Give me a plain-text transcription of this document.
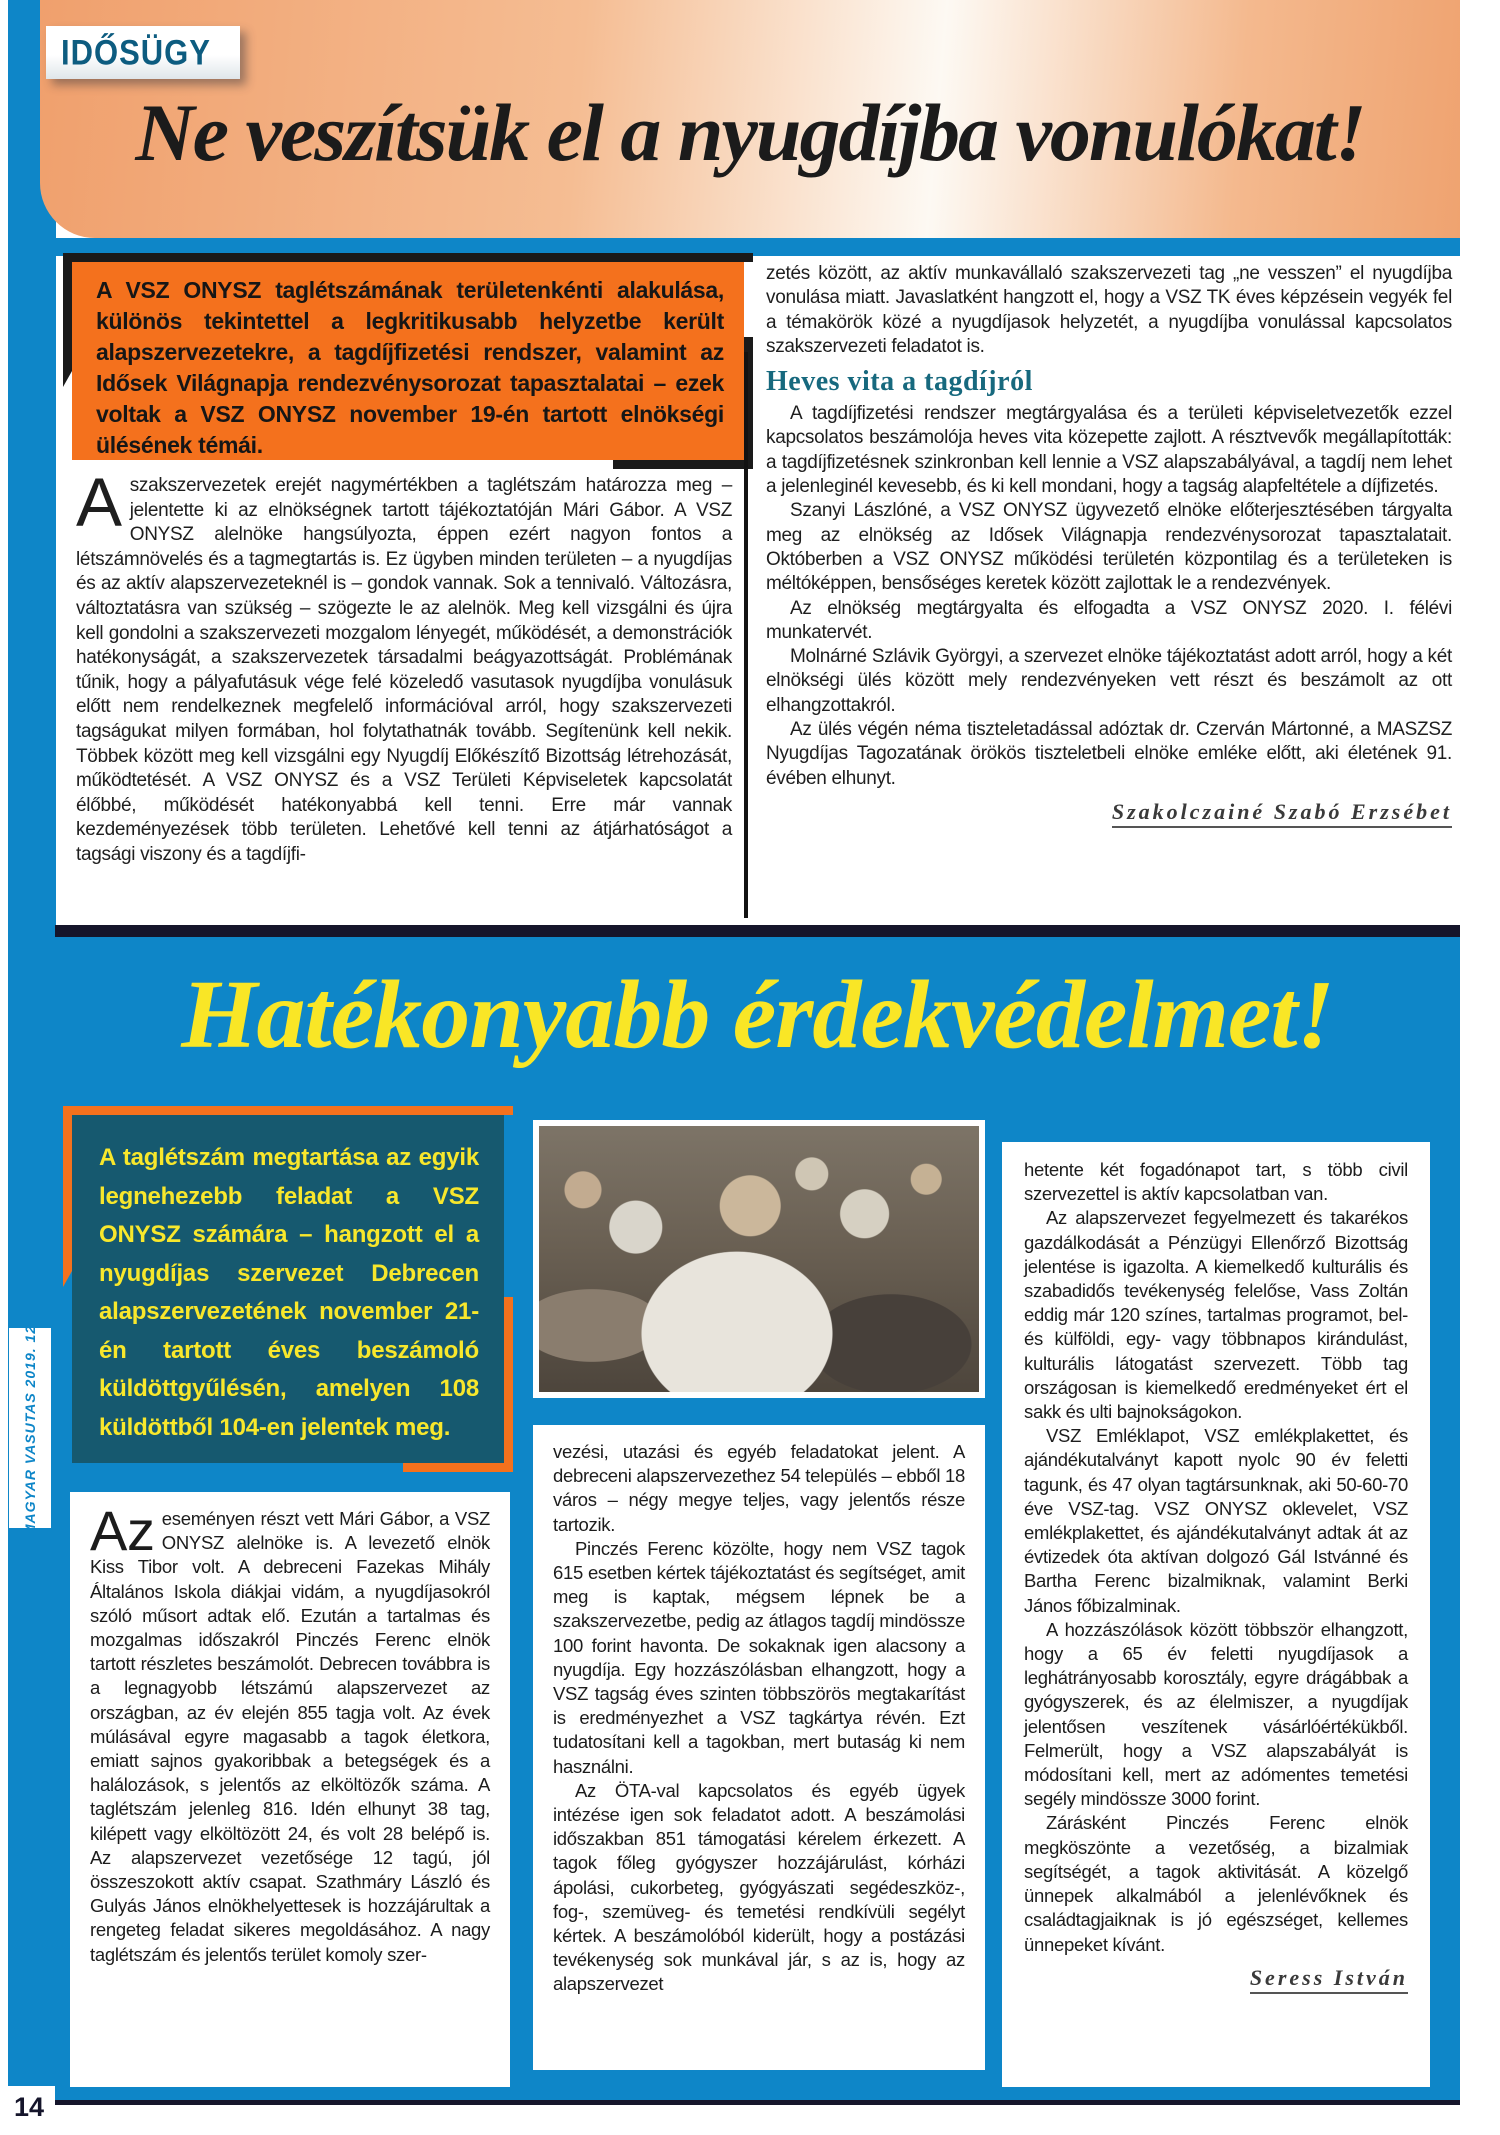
Ne veszítsük el a nyugdíjba vonulókat!
IDŐSÜGY
A VSZ ONYSZ taglétszámának területenkénti alakulása, különös tekintettel a legkritikusabb helyzetbe került alapszervezetekre, a tagdíjfizetési rendszer, valamint az Idősek Világnapja rendezvénysorozat tapasztalatai – ezek voltak a VSZ ONYSZ november 19-én tartott elnökségi ülésének témái.
Aszakszervezetek erejét nagymértékben a taglétszám határozza meg – jelentette ki az elnökségnek tartott tájékoztatóján Mári Gábor. A VSZ ONYSZ alelnöke hangsúlyozta, éppen ezért nagyon fontos a létszámnövelés és a tagmegtartás is. Ez ügyben minden területen – a nyugdíjas és az aktív alapszervezeteknél is – gondok vannak. Sok a tennivaló. Változásra, változtatásra van szükség – szögezte le az alelnök. Meg kell vizsgálni és újra kell gondolni a szakszervezeti mozgalom lényegét, működését, a demonstrációk hatékonyságát, a szakszervezetek társadalmi beágyazottságát. Problémának tűnik, hogy a pályafutásuk vége felé közeledő vasutasok nyugdíjba vonulásuk előtt nem rendelkeznek megfelelő információval arról, hogy szakszervezeti tagságukat milyen formában, hol folytathatnák tovább. Segítenünk kell nekik. Többek között meg kell vizsgálni egy Nyugdíj Előkészítő Bizottság létrehozását, működtetését. A VSZ ONYSZ és a VSZ Területi Képviseletek kapcsolatát élőbbé, működését hatékonyabbá kell tenni. Erre már vannak kezdeményezések több területen. Lehetővé kell tenni az átjárhatóságot a tagsági viszony és a tagdíjfi-

zetés között, az aktív munkavállaló szakszervezeti tag „ne vesszen” el nyugdíjba vonulása miatt. Javaslatként hangzott el, hogy a VSZ TK éves képzésein vegyék fel a témakörök közé a nyugdíjasok helyzetét, a nyugdíjba vonulással kapcsolatos szakszervezeti feladatot is.

Heves vita a tagdíjról

A tagdíjfizetési rendszer megtárgyalása és a területi képviseletvezetők ezzel kapcsolatos beszámolója heves vita közepette zajlott. A résztvevők megállapították: a tagdíjfizetésnek szinkronban kell lennie a VSZ alapszabályával, a tagdíj nem lehet a jelenleginél kevesebb, és ki kell mondani, hogy a tagság alapfeltétele a díjfizetés.

Szanyi Lászlóné, a VSZ ONYSZ ügyvezető elnöke előterjesztésében tárgyalta meg az elnökség az Idősek Világnapja rendezvénysorozat tapasztalatait. Októberben a VSZ ONYSZ működési területén központilag és a területeken is méltóképpen, bensőséges keretek között zajlottak le a rendezvények.

Az elnökség megtárgyalta és elfogadta a VSZ ONYSZ 2020. I. félévi munkatervét.

Molnárné Szlávik Györgyi, a szervezet elnöke tájékoztatást adott arról, hogy a két elnökségi ülés között mely rendezvényeken vett részt és beszámolt az ott elhangzottakról.

Az ülés végén néma tiszteletadással adóztak dr. Czerván Mártonné, a MASZSZ Nyugdíjas Tagozatának örökös tiszteletbeli elnöke emléke előtt, aki életének 91. évében elhunyt.

Szakolczainé Szabó Erzsébet
Hatékonyabb érdekvédelmet!
A taglétszám megtartása az egyik legnehezebb feladat a VSZ ONYSZ számára – hangzott el a nyugdíjas szervezet Debrecen alapszervezetének november 21-én tartott éves beszámoló küldöttgyűlésén, amelyen 108 küldöttből 104-en jelentek meg.

Az eseményen részt vett Mári Gábor, a VSZ ONYSZ alelnöke is. A levezető elnök Kiss Tibor volt. A debreceni Fazekas Mihály Általános Iskola diákjai vidám, a nyugdíjasokról szóló műsort adtak elő. Ezután a tartalmas és mozgalmas időszakról Pinczés Ferenc elnök tartott részletes beszámolót. Debrecen továbbra is a legnagyobb létszámú alapszervezet az országban, az év elején 855 tagja volt. Az évek múlásával egyre magasabb a tagok életkora, emiatt sajnos gyakoribbak a betegségek és a halálozások, s jelentős az elköltözők száma. A taglétszám jelenleg 816. Idén elhunyt 38 tag, kilépett vagy elköltözött 24, és volt 28 belépő is. Az alapszervezet vezetősége 12 tagú, jól összeszokott aktív csapat. Szathmáry László és Gulyás János elnökhelyettesek is hozzájárultak a rengeteg feladat sikeres megoldásához. A nagy taglétszám és jelentős terület komoly szer-

vezési, utazási és egyéb feladatokat jelent. A debreceni alapszervezethez 54 település – ebből 18 város – négy megye teljes, vagy jelentős része tartozik.

Pinczés Ferenc közölte, hogy nem VSZ tagok 615 esetben kértek tájékoztatást és segítséget, amit meg is kaptak, mégsem lépnek be a szakszervezetbe, pedig az átlagos tagdíj mindössze 100 forint havonta. De sokaknak igen alacsony a nyugdíja. Egy hozzászólásban elhangzott, hogy a VSZ tagság éves szinten többszörös megtakarítást is eredményezhet a VSZ tagkártya révén. Ezt tudatosítani kell a tagokban, mert butaság ki nem használni.

Az ÖTA-val kapcsolatos és egyéb ügyek intézése igen sok feladatot adott. A beszámolási időszakban 851 támogatási kérelem érkezett. A tagok főleg gyógyszer hozzájárulást, kórházi ápolási, cukorbeteg, gyógyászati segédeszköz-, fog-, szemüveg- és temetési rendkívüli segélyt kértek. A beszámolóból kiderült, hogy a postázási tevékenység sok munkával jár, s az is, hogy az alapszervezet

hetente két fogadónapot tart, s több civil szervezettel is aktív kapcsolatban van.

Az alapszervezet fegyelmezett és takarékos gazdálkodását a Pénzügyi Ellenőrző Bizottság jelentése is igazolta. A kiemelkedő kulturális és szabadidős tevékenység felelőse, Vass Zoltán eddig már 120 színes, tartalmas programot, bel- és külföldi, egy- vagy többnapos kirándulást, kulturális látogatást szervezett. Több tag országosan is kiemelkedő eredményeket ért el sakk és ulti bajnokságokon.

VSZ Emléklapot, VSZ emlékplakettet, és ajándékutalványt kapott nyolc 90 év feletti tagunk, és 47 olyan tagtársunknak, aki 50-60-70 éve VSZ-tag. VSZ ONYSZ oklevelet, VSZ emlékplakettet, és ajándékutalványt adtak át az évtizedek óta aktívan dolgozó Gál Istvánné és Bartha Ferenc bizalmiknak, valamint Berki János főbizalminak.

A hozzászólások között többször elhangzott, hogy a 65 év feletti nyugdíjasok a leghátrányosabb korosztály, egyre drágábbak a gyógyszerek, és az élelmiszer, a nyugdíjak jelentősen veszítenek vásárlóértékükből. Felmerült, hogy a VSZ alapszabályát is módosítani kell, mert az adómentes temetési segély mindössze 3000 forint.

Zárásként Pinczés Ferenc elnök megköszönte a vezetőség, a bizalmiak segítségét, a tagok aktivitását. A közelgő ünnepek alkalmából a jelenlévőknek és családtagjaiknak is jó egészséget, kellemes ünnepeket kívánt.

Seress István
MAGYAR VASUTAS 2019. 12.
14
